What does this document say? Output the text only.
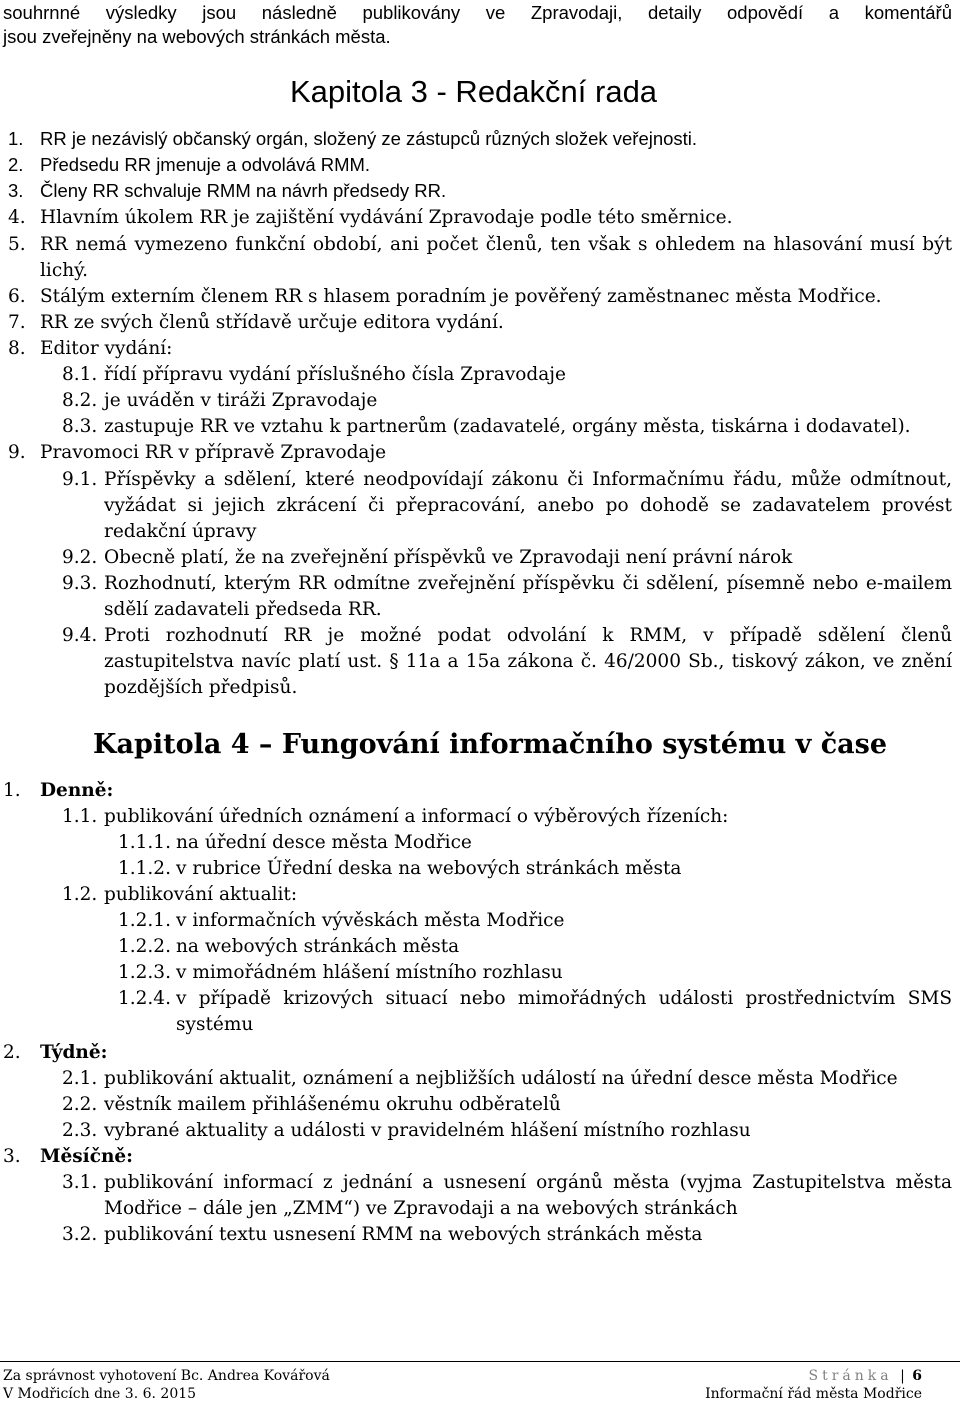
souhrnné výsledky jsou následně publikovány ve Zpravodaji, detaily odpovědí a komentářů
jsou zveřejněny na webových stránkách města.
Kapitola 3 - Redakční rada
1. RR je nezávislý občanský orgán, složený ze zástupců různých složek veřejnosti.
2. Předsedu RR jmenuje a odvolává RMM.
3. Členy RR schvaluje RMM na návrh předsedy RR.
4. Hlavním úkolem RR je zajištění vydávání Zpravodaje podle této směrnice.
5. RR nemá vymezeno funkční období, ani počet členů, ten však s ohledem na hlasování musí být
lichý.
6. Stálým externím členem RR s hlasem poradním je pověřený zaměstnanec města Modřice.
7. RR ze svých členů střídavě určuje editora vydání.
8. Editor vydání:
8.1. řídí přípravu vydání příslušného čísla Zpravodaje
8.2. je uváděn v tiráži Zpravodaje
8.3. zastupuje RR ve vztahu k partnerům (zadavatelé, orgány města, tiskárna i dodavatel).
9. Pravomoci RR v přípravě Zpravodaje
9.1. Příspěvky a sdělení, které neodpovídají zákonu či Informačnímu řádu, může odmítnout,
vyžádat si jejich zkrácení či přepracování, anebo po dohodě se zadavatelem provést
redakční úpravy
9.2. Obecně platí, že na zveřejnění příspěvků ve Zpravodaji není právní nárok
9.3. Rozhodnutí, kterým RR odmítne zveřejnění příspěvku či sdělení, písemně nebo e-mailem
sdělí zadavateli předseda RR.
9.4. Proti rozhodnutí RR je možné podat odvolání k RMM, v případě sdělení členů
zastupitelstva navíc platí ust. § 11a a 15a zákona č. 46/2000 Sb., tiskový zákon, ve znění
pozdějších předpisů.
Kapitola 4 – Fungování informačního systému v čase
1. Denně:
1.1. publikování úředních oznámení a informací o výběrových řízeních:
1.1.1. na úřední desce města Modřice
1.1.2. v rubrice Úřední deska na webových stránkách města
1.2. publikování aktualit:
1.2.1. v informačních vývěskách města Modřice
1.2.2. na webových stránkách města
1.2.3. v mimořádném hlášení místního rozhlasu
1.2.4. v případě krizových situací nebo mimořádných události prostřednictvím SMS
systému
2. Týdně:
2.1. publikování aktualit, oznámení a nejbližších událostí na úřední desce města Modřice
2.2. věstník mailem přihlášenému okruhu odběratelů
2.3. vybrané aktuality a události v pravidelném hlášení místního rozhlasu
3. Měsíčně:
3.1. publikování informací z jednání a usnesení orgánů města (vyjma Zastupitelstva města
Modřice – dále jen „ZMM“) ve Zpravodaji a na webových stránkách
3.2. publikování textu usnesení RMM na webových stránkách města
Za správnost vyhotovení Bc. Andrea Kovářová
V Modřicích dne 3. 6. 2015
Stránka | 6
Informační řád města Modřice
